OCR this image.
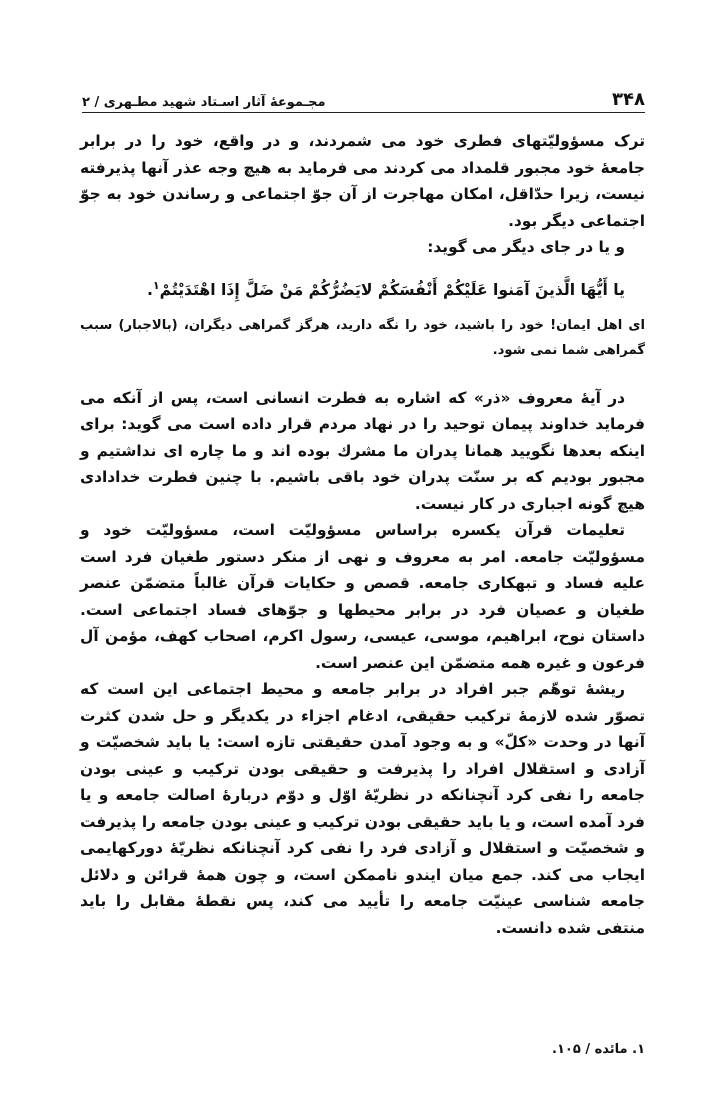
۳۴۸
مجـموعهٔ آثار اسـتاد شهید مطـهری / ۲

ترک مسؤولیّتهای فطری خود می شمردند، و در واقع، خود را در برابر جامعهٔ خود مجبور قلمداد می کردند می فرماید به هیچ وجه عذر آنها پذیرفته نیست، زیرا حدّاقل، امکان مهاجرت از آن جوّ اجتماعی و رساندن خود به جوّ اجتماعی دیگر بود.

و یا در جای دیگر می گوید:

یا أَیُّهَا الَّذینَ آمَنوا عَلَیْکُمْ أَنْفُسَکُمْ لایَضُرُّکُمْ مَنْ ضَلَّ إِذَا اهْتَدَیْتُمْ$^۱$.

ای اهل ایمان! خود را باشید، خود را نگه دارید، هرگز گمراهی دیگران، (بالاجبار) سبب گمراهی شما نمی شود.

در آیهٔ معروف «ذر» که اشاره به فطرت انسانی است، پس از آنکه می فرماید خداوند پیمان توحید را در نهاد مردم قرار داده است می گوید: برای اینکه بعدها نگویید همانا پدران ما مشرك بوده اند و ما چاره ای نداشتیم و مجبور بودیم که بر سنّت پدران خود باقی باشیم. با چنین فطرت خدادادی هیچ گونه اجباری در کار نیست.

تعلیمات قرآن یکسره براساس مسؤولیّت است، مسؤولیّت خود و مسؤولیّت جامعه. امر به معروف و نهی از منکر دستور طغیان فرد است علیه فساد و تبهکاری جامعه. قصص و حکایات قرآن غالباً متضمّن عنصر طغیان و عصیان فرد در برابر محیطها و جوّهای فساد اجتماعی است. داستان نوح، ابراهیم، موسی، عیسی، رسول اکرم، اصحاب کهف، مؤمن آل فرعون و غیره همه متضمّن این عنصر است.

ریشهٔ توهّم جبر افراد در برابر جامعه و محیط اجتماعی این است که تصوّر شده لازمهٔ ترکیب حقیقی، ادغام اجزاء در یکدیگر و حل شدن کثرت آنها در وحدت «کلّ» و به وجود آمدن حقیقتی تازه است: یا باید شخصیّت و آزادی و استقلال افراد را پذیرفت و حقیقی بودن ترکیب و عینی بودن جامعه را نفی کرد آنچنانکه در نظریّهٔ اوّل و دوّم دربارهٔ اصالت جامعه و یا فرد آمده است، و یا باید حقیقی بودن ترکیب و عینی بودن جامعه را پذیرفت و شخصیّت و استقلال و آزادی فرد را نفی کرد آنچنانکه نظریّهٔ دورکهایمی ایجاب می کند. جمع میان ایندو ناممکن است، و چون همهٔ قرائن و دلائل جامعه شناسی عینیّت جامعه را تأیید می کند، پس نقطهٔ مقابل را باید منتفی شده دانست.

۱. مائده / ۱۰۵.
